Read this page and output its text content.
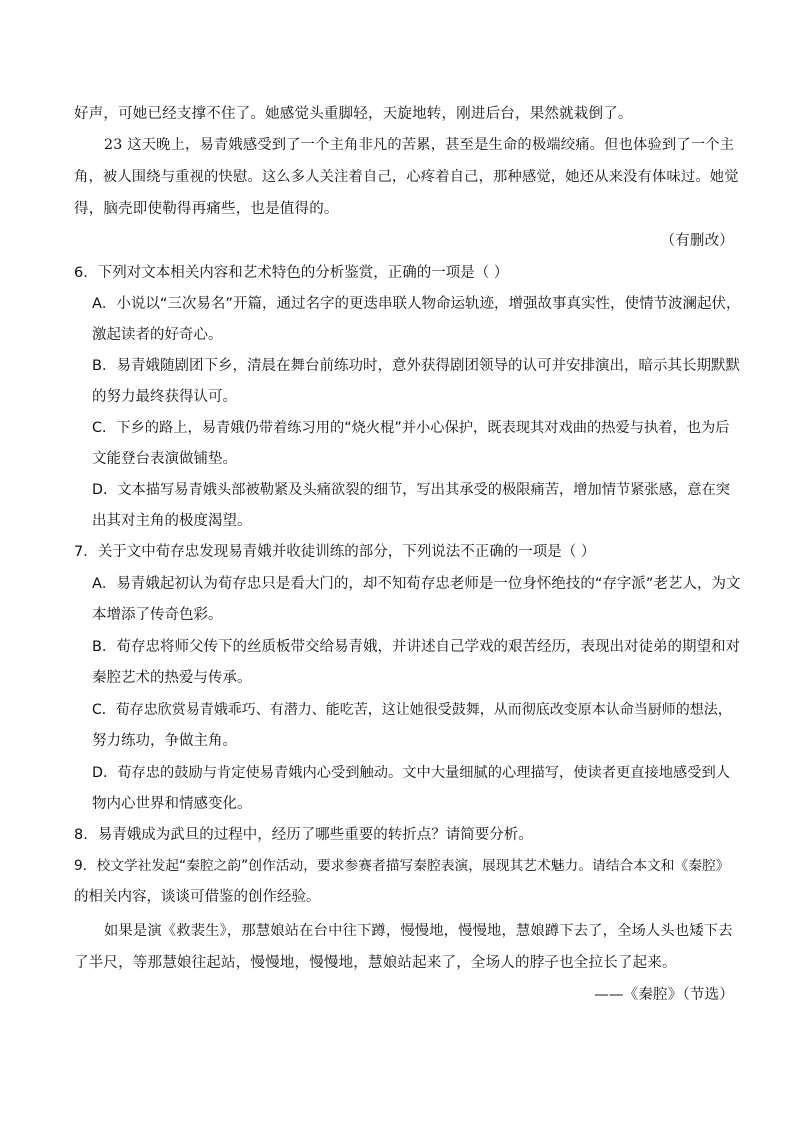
好声，可她已经支撑不住了。她感觉头重脚轻，天旋地转，刚进后台，果然就栽倒了。
23 这天晚上，易青娥感受到了一个主角非凡的苦累，甚至是生命的极端绞痛。但也体验到了一个主
角，被人围绕与重视的快慰。这么多人关注着自己，心疼着自己，那种感觉，她还从来没有体味过。她觉
得，脑壳即使勒得再痛些，也是值得的。
（有删改）
6．下列对文本相关内容和艺术特色的分析鉴赏，正确的一项是（ ）
A．小说以“三次易名”开篇，通过名字的更迭串联人物命运轨迹，增强故事真实性，使情节波澜起伏，
激起读者的好奇心。
B．易青娥随剧团下乡，清晨在舞台前练功时，意外获得剧团领导的认可并安排演出，暗示其长期默默
的努力最终获得认可。
C．下乡的路上，易青娥仍带着练习用的“烧火棍”并小心保护，既表现其对戏曲的热爱与执着，也为后
文能登台表演做铺垫。
D．文本描写易青娥头部被勒紧及头痛欲裂的细节，写出其承受的极限痛苦，增加情节紧张感，意在突
出其对主角的极度渴望。
7．关于文中荀存忠发现易青娥并收徒训练的部分，下列说法不正确的一项是（ ）
A．易青娥起初认为荀存忠只是看大门的，却不知荀存忠老师是一位身怀绝技的“存字派”老艺人，为文
本增添了传奇色彩。
B．荀存忠将师父传下的丝质板带交给易青娥，并讲述自己学戏的艰苦经历，表现出对徒弟的期望和对
秦腔艺术的热爱与传承。
C．荀存忠欣赏易青娥乖巧、有潜力、能吃苦，这让她很受鼓舞，从而彻底改变原本认命当厨师的想法，
努力练功，争做主角。
D．荀存忠的鼓励与肯定使易青娥内心受到触动。文中大量细腻的心理描写，使读者更直接地感受到人
物内心世界和情感变化。
8．易青娥成为武旦的过程中，经历了哪些重要的转折点？请简要分析。
9．校文学社发起“秦腔之韵”创作活动，要求参赛者描写秦腔表演，展现其艺术魅力。请结合本文和《秦腔》
的相关内容，谈谈可借鉴的创作经验。
如果是演《救裴生》，那慧娘站在台中往下蹲，慢慢地，慢慢地，慧娘蹲下去了，全场人头也矮下去
了半尺，等那慧娘往起站，慢慢地，慢慢地，慧娘站起来了，全场人的脖子也全拉长了起来。
——《秦腔》（节选）
